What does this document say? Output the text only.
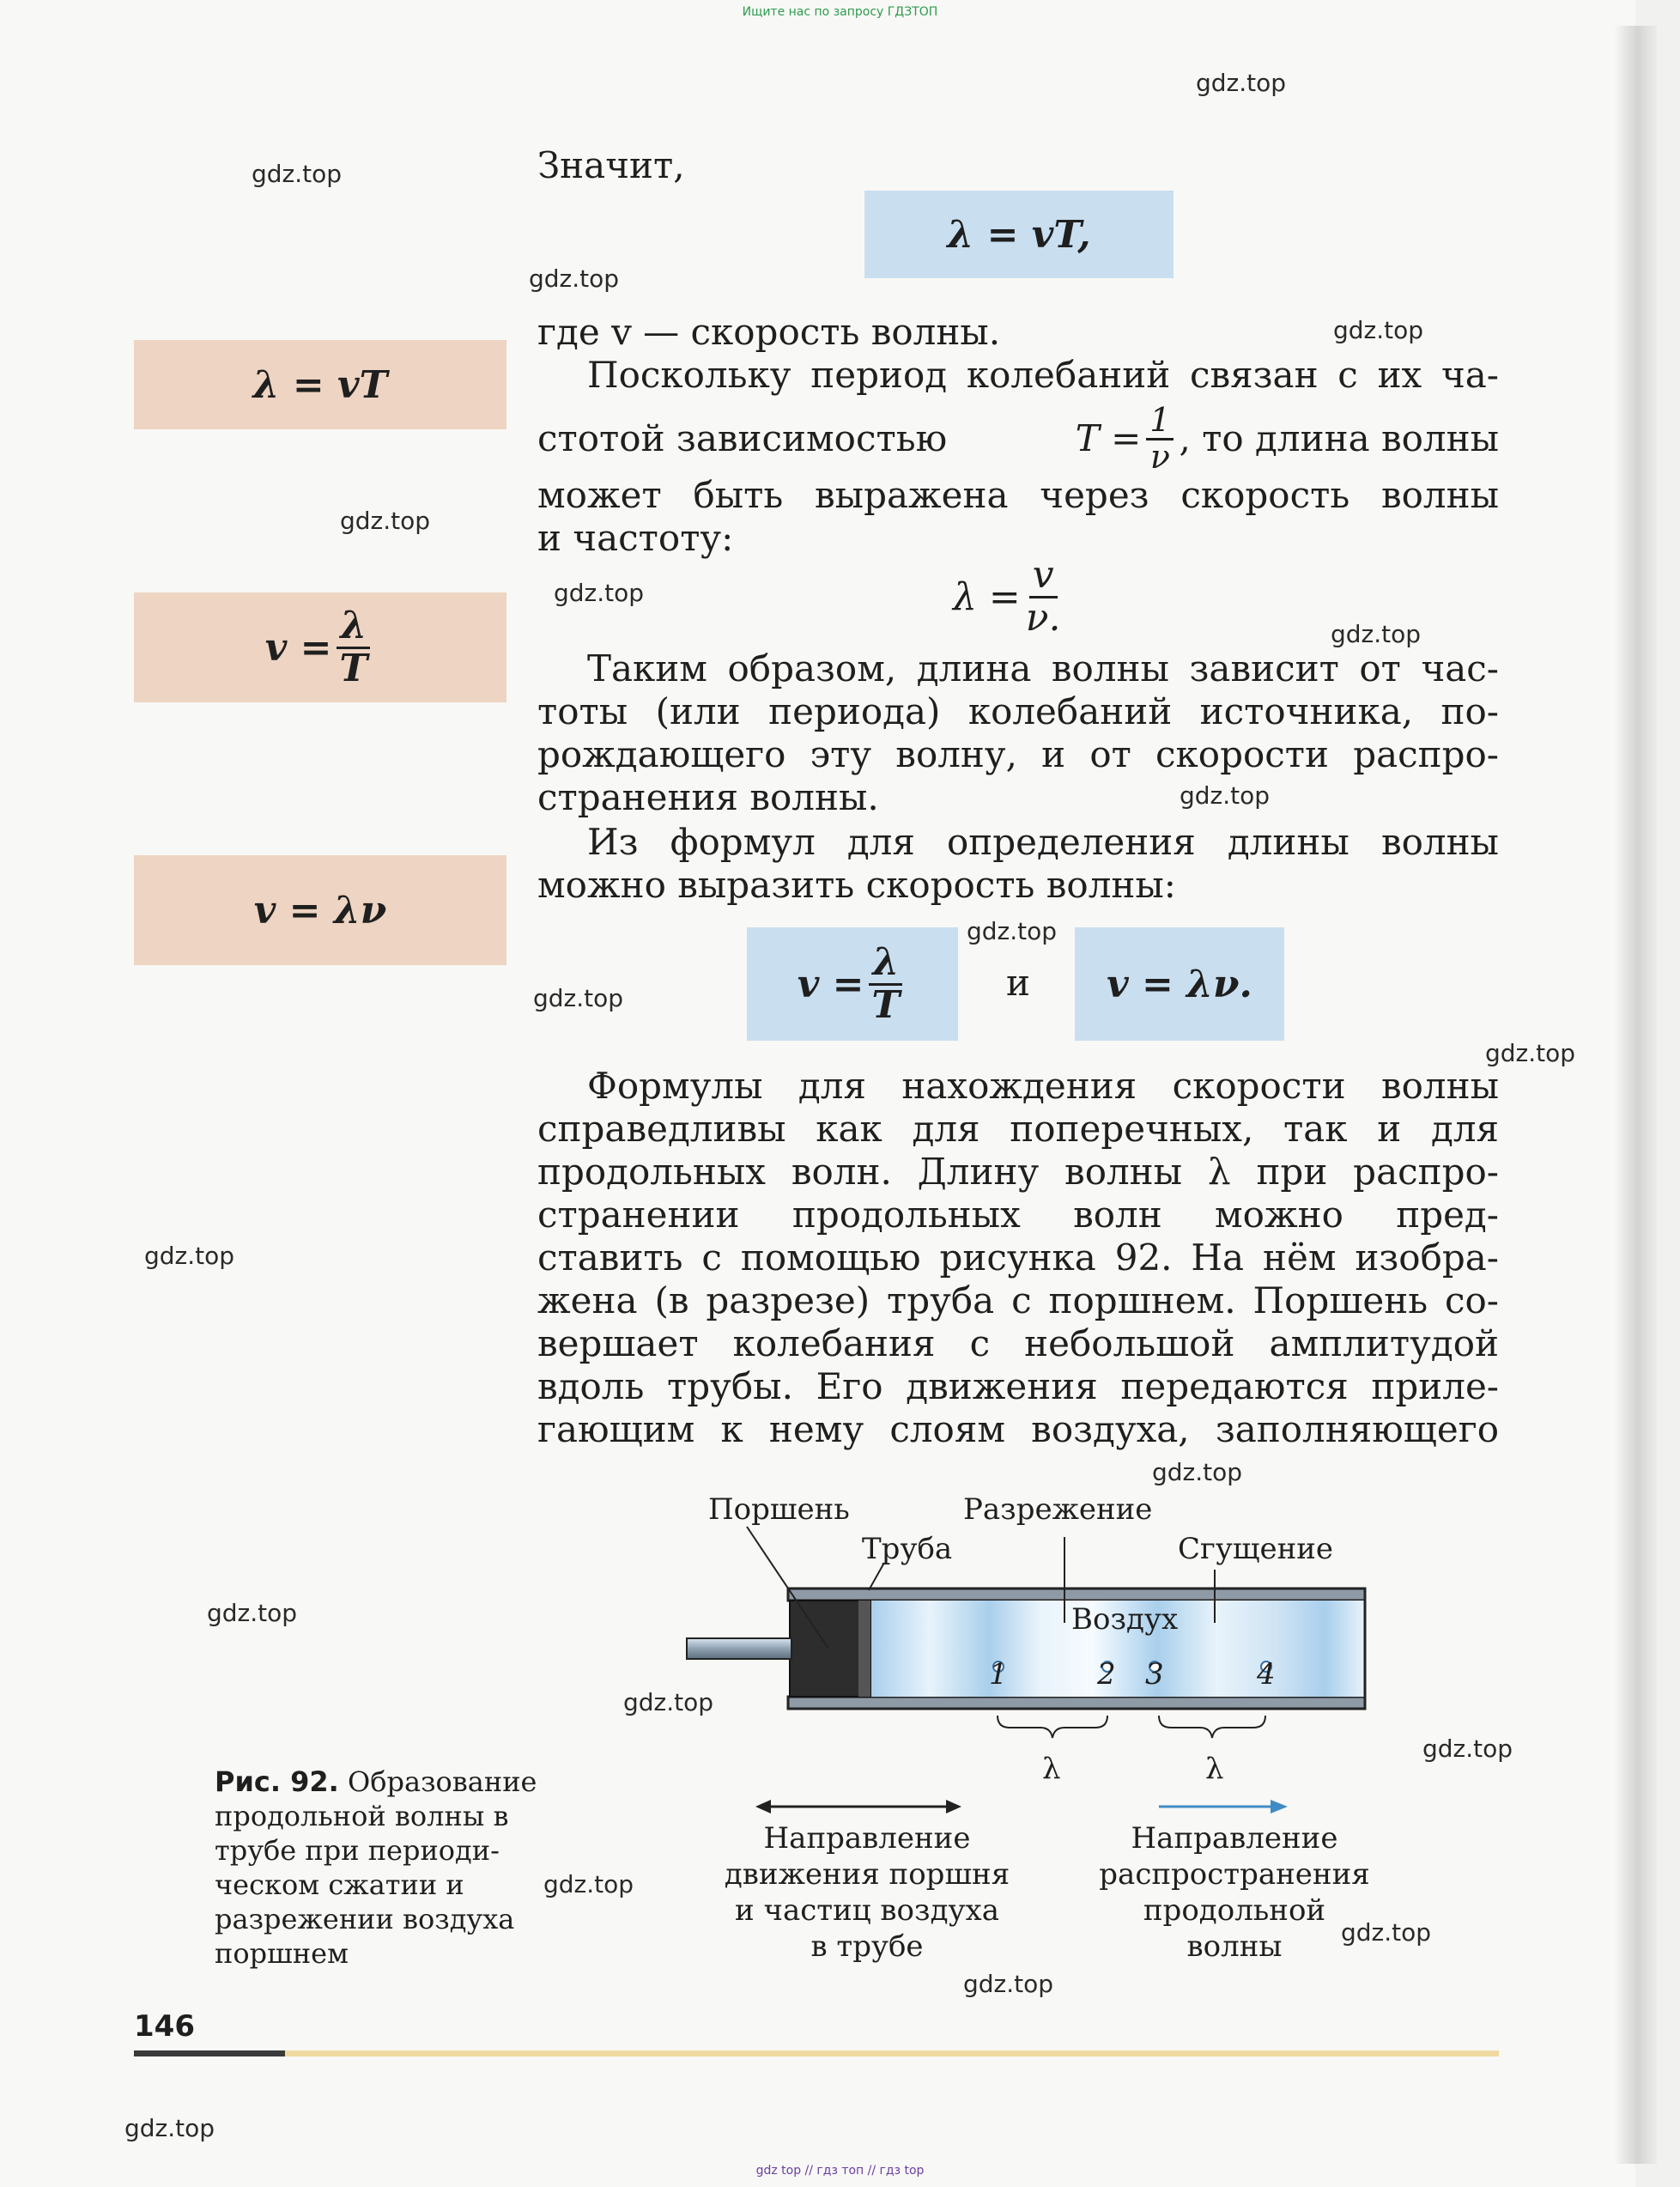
Ищите нас по запросу ГДЗТОП
gdz top // гдз топ // гдз top
gdz.top
gdz.top
gdz.top
gdz.top
gdz.top
gdz.top
gdz.top
gdz.top
gdz.top
gdz.top
gdz.top
gdz.top
gdz.top
gdz.top
gdz.top
gdz.top
gdz.top
gdz.top
gdz.top
gdz.top
λ = vT
$v = \frac{\lambda}{T}$
v = λν
Значит,
λ = vT,
где v — скорость волны.
Поскольку период колебаний связан с их ча-
стотой зависимостью	$T = \frac{1}{\nu}$ , то длина волны
может быть выражена через скорость волны
и частоту:
$\lambda = \frac{v}{\nu.}$
Таким образом, длина волны зависит от час-
тоты (или периода) колебаний источника, по-
рождающего эту волну, и от скорости распро-
странения волны.
Из формул для определения длины волны
можно выразить скорость волны:
$v = \frac{\lambda}{T}$	и	v = λν.
Формулы для нахождения скорости волны
справедливы как для поперечных, так и для
продольных волн. Длину волны λ при распро-
странении продольных волн можно пред-
ставить с помощью рисунка 92. На нём изобра-
жена (в разрезе) труба с поршнем. Поршень со-
вершает колебания с небольшой амплитудой
вдоль трубы. Его движения передаются приле-
гающим к нему слоям воздуха, заполняющего
Поршень	Разрежение
Труба	Сгущение
Воздух
1	2 3	4
λ	λ
Направление
движения поршня
и частиц воздуха
в трубе
Направление
распространения
продольной
волны
Рис. 92. Образование продольной волны в трубе при периоди-ческом сжатии и разрежении воздуха поршнем
146
